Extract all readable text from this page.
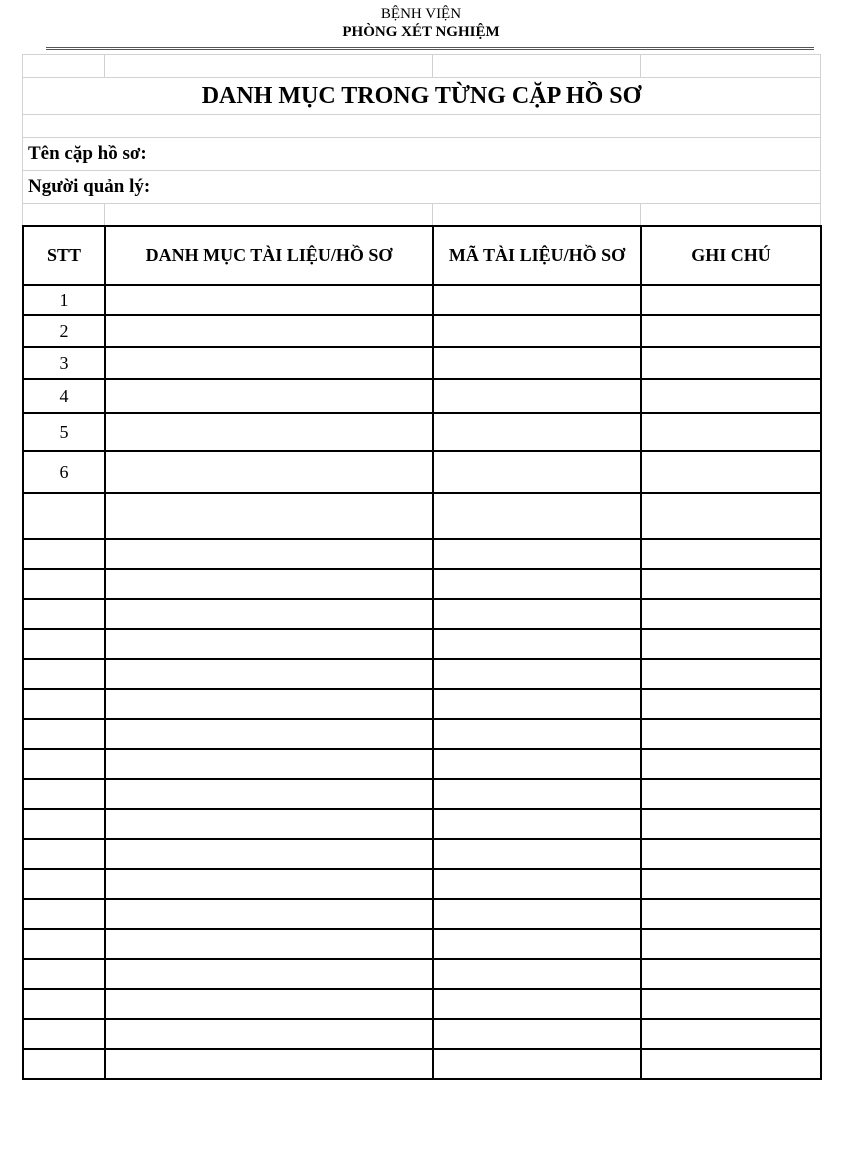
BỆNH VIỆN
PHÒNG XÉT NGHIỆM

DANH MỤC TRONG TỪNG CẶP HỒ SƠ			

Tên cặp hồ sơ:			
Người quản lý:			

STT	DANH MỤC TÀI LIỆU/HỒ SƠ	MÃ TÀI LIỆU/HỒ SƠ	GHI CHÚ
1			
2			
3			
4			
5			
6			
